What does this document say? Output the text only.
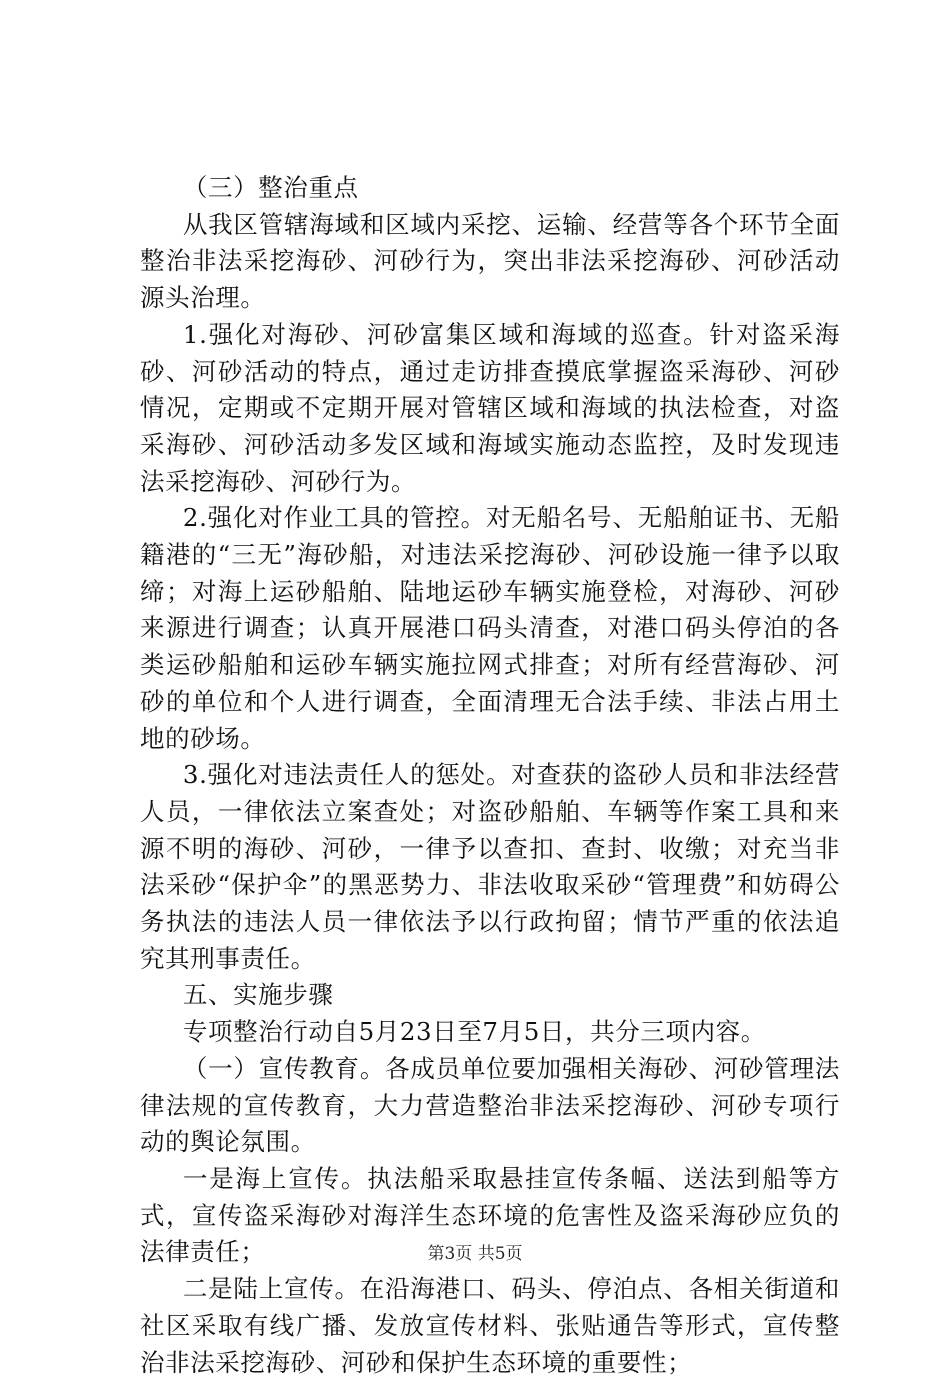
（三）整治重点

从我区管辖海域和区域内采挖、运输、经营等各个环节全面整治非法采挖海砂、河砂行为，突出非法采挖海砂、河砂活动源头治理。

1.强化对海砂、河砂富集区域和海域的巡查。针对盗采海砂、河砂活动的特点，通过走访排查摸底掌握盗采海砂、河砂情况，定期或不定期开展对管辖区域和海域的执法检查，对盗采海砂、河砂活动多发区域和海域实施动态监控，及时发现违法采挖海砂、河砂行为。

2.强化对作业工具的管控。对无船名号、无船舶证书、无船籍港的“三无”海砂船，对违法采挖海砂、河砂设施一律予以取缔；对海上运砂船舶、陆地运砂车辆实施登检，对海砂、河砂来源进行调查；认真开展港口码头清查，对港口码头停泊的各类运砂船舶和运砂车辆实施拉网式排查；对所有经营海砂、河砂的单位和个人进行调查，全面清理无合法手续、非法占用土地的砂场。

3.强化对违法责任人的惩处。对查获的盗砂人员和非法经营人员，一律依法立案查处；对盗砂船舶、车辆等作案工具和来源不明的海砂、河砂，一律予以查扣、查封、收缴；对充当非法采砂“保护伞”的黑恶势力、非法收取采砂“管理费”和妨碍公务执法的违法人员一律依法予以行政拘留；情节严重的依法追究其刑事责任。

五、实施步骤

专项整治行动自5月23日至7月5日，共分三项内容。

（一）宣传教育。各成员单位要加强相关海砂、河砂管理法律法规的宣传教育，大力营造整治非法采挖海砂、河砂专项行动的舆论氛围。

一是海上宣传。执法船采取悬挂宣传条幅、送法到船等方式，宣传盗采海砂对海洋生态环境的危害性及盗采海砂应负的法律责任；

二是陆上宣传。在沿海港口、码头、停泊点、各相关街道和社区采取有线广播、发放宣传材料、张贴通告等形式，宣传整治非法采挖海砂、河砂和保护生态环境的重要性；

第3页 共5页
